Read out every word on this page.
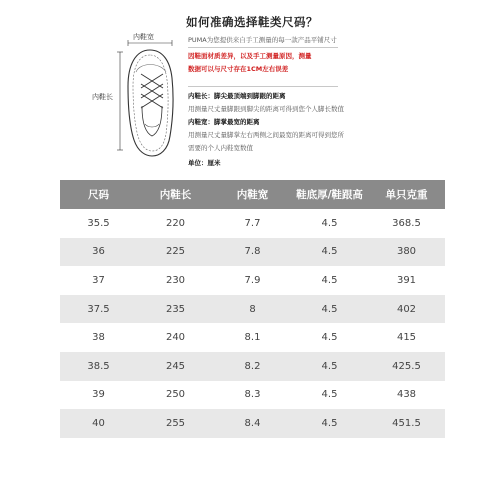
如何准确选择鞋类尺码？
内鞋宽
内鞋长
PUMA为您提供来自手工测量的每一款产品平铺尺寸
因鞋面材质差异，以及手工测量原因，测量
数据可以与尺寸存在1CM左右误差
内鞋长：脚尖最顶端到脚跟的距离
用测量尺丈量脚跟到脚尖的距离可得到您个人脚长数值
内鞋宽：脚掌最宽的距离
用测量尺丈量脚掌左右两侧之间最宽的距离可得到您所
需要的个人内鞋宽数值
单位：厘米
尺码	内鞋长	内鞋宽	鞋底厚/鞋跟高	单只克重
35.5	220	7.7	4.5	368.5
36	225	7.8	4.5	380
37	230	7.9	4.5	391
37.5	235	8	4.5	402
38	240	8.1	4.5	415
38.5	245	8.2	4.5	425.5
39	250	8.3	4.5	438
40	255	8.4	4.5	451.5
